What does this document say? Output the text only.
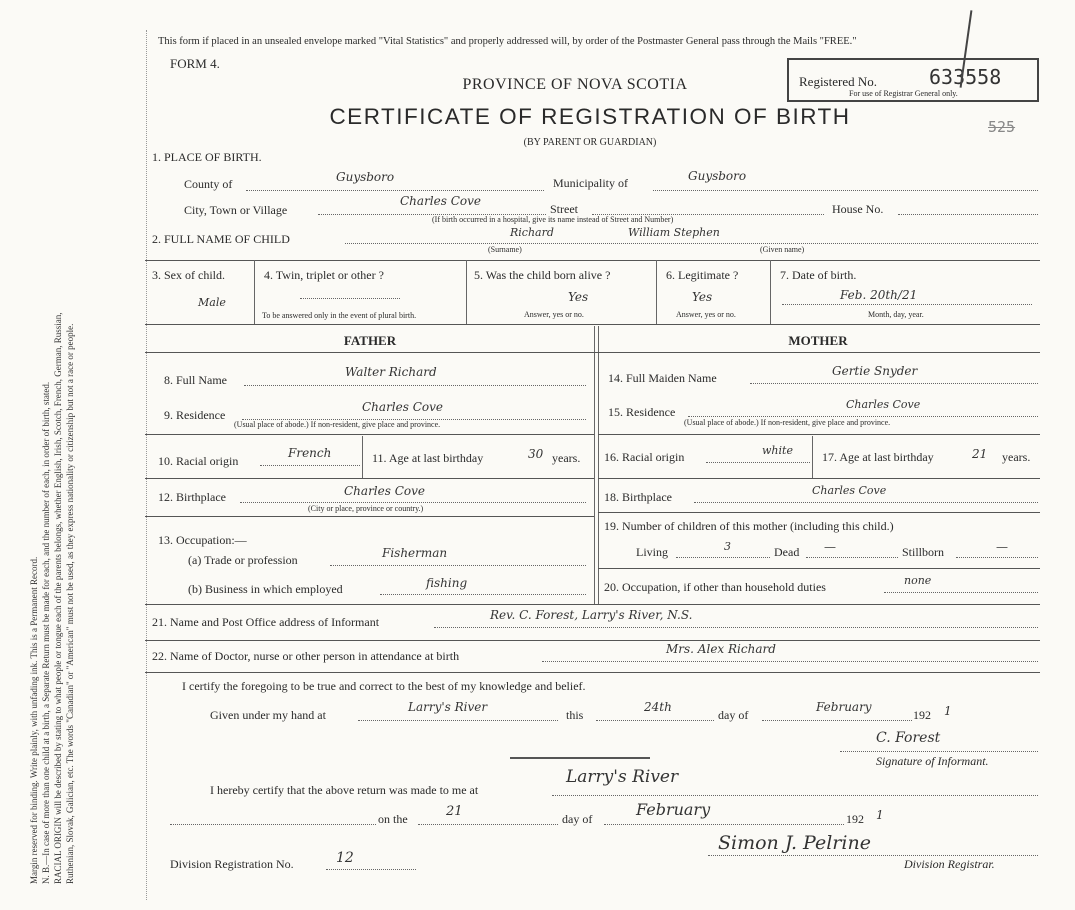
Margin reserved for binding. Write plainly, with unfading ink. This is a Permanent Record. N. B.—In case of more than one child at a birth, a Separate Return must be made for each, and the number of each, in order of birth, stated. RACIAL ORIGIN will be described by stating to what people or tongue each of the parents belongs, whether English, Irish, Scotch, French, German, Russian, Ruthenian, Slovak, Galician, etc. The words "Canadian" or "American" must not be used, as they express nationality or citizenship but not a race or people.
This form if placed in an unsealed envelope marked "Vital Statistics" and properly addressed will, by order of the Postmaster General pass through the Mails "FREE."
FORM 4.
PROVINCE OF NOVA SCOTIA
CERTIFICATE OF REGISTRATION OF BIRTH
(BY PARENT OR GUARDIAN)
Registered No.
For use of Registrar General only.
633558
525
1. PLACE OF BIRTH.
County of	Guysboro	Municipality of	Guysboro
City, Town or Village
Charles Cove
Street	House No.
(If birth occurred in a hospital, give its name instead of Street and Number)
2. FULL NAME OF CHILD	Richard	William Stephen
(Surname)	(Given name)
3. Sex of child.
Male
4. Twin, triplet or other ?
To be answered only in the event of plural birth.
5. Was the child born alive ?
Yes
Answer, yes or no.
6. Legitimate ?
Yes
Answer, yes or no.
7. Date of birth.
Feb. 20th/21
Month, day, year.
FATHER	MOTHER
8. Full Name
Walter Richard
9. Residence
Charles Cove
(Usual place of abode.) If non-resident, give place and province.
10. Racial origin
French	11. Age at last birthday	30 years.
12. Birthplace	Charles Cove
(City or place, province or country.)
13. Occupation:—
(a) Trade or profession	Fisherman
(b) Business in which employed	fishing
14. Full Maiden Name	Gertie Snyder
15. Residence
Charles Cove
(Usual place of abode.) If non-resident, give place and province.
16. Racial origin	white 17. Age at last birthday	21 years.
18. Birthplace	Charles Cove
19. Number of children of this mother (including this child.)
Living	3	Dead —	Stillborn	—
20. Occupation, if other than household duties	none
21. Name and Post Office address of Informant	Rev. C. Forest, Larry's River, N.S.
22. Name of Doctor, nurse or other person in attendance at birth	Mrs. Alex Richard
I certify the foregoing to be true and correct to the best of my knowledge and belief.
Given under my hand at
Larry's River
this
24th
day of
February
192 1
C. Forest
Signature of Informant.
I hereby certify that the above return was made to me at
Larry's River
on the	21	day of	February	192 1
Simon J. Pelrine
Division Registrar.
Division Registration No.	12
